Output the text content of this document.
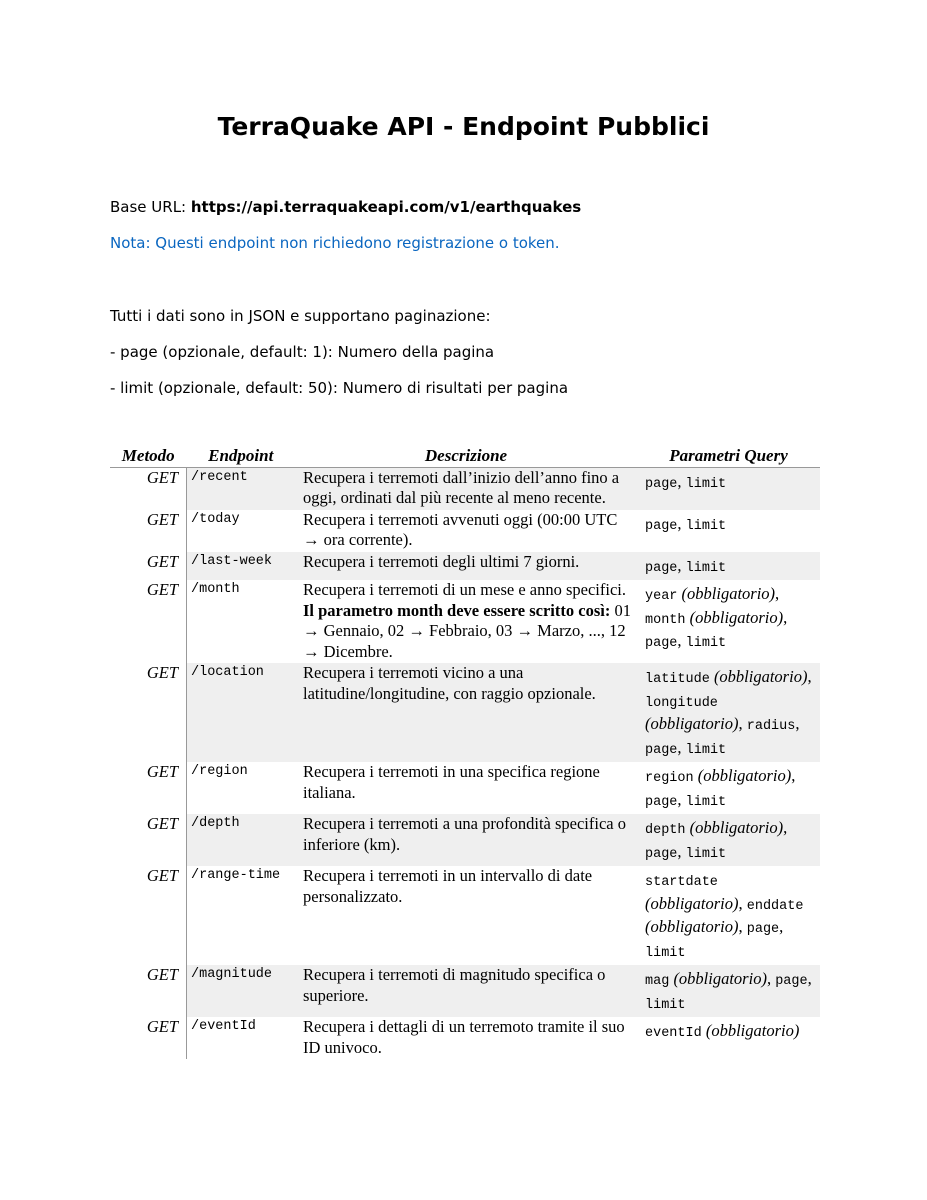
TerraQuake API - Endpoint Pubblici
Base URL: https://api.terraquakeapi.com/v1/earthquakes
Nota: Questi endpoint non richiedono registrazione o token.
Tutti i dati sono in JSON e supportano paginazione:
- page (opzionale, default: 1): Numero della pagina
- limit (opzionale, default: 50): Numero di risultati per pagina
Metodo	Endpoint	Descrizione	Parametri Query
GET	/recent	Recupera i terremoti dall’inizio dell’anno fino a oggi, ordinati dal più recente al meno recente.	page, limit
GET	/today	Recupera i terremoti avvenuti oggi (00:00 UTC → ora corrente).	page, limit
GET	/last-week	Recupera i terremoti degli ultimi 7 giorni.	page, limit
GET	/month	Recupera i terremoti di un mese e anno specifici. Il parametro month deve essere scritto così: 01 → Gennaio, 02 → Febbraio, 03 → Marzo, ..., 12 → Dicembre.	year (obbligatorio), month (obbligatorio), page, limit
GET	/location	Recupera i terremoti vicino a una latitudine/longitudine, con raggio opzionale.	latitude (obbligatorio), longitude (obbligatorio), radius, page, limit
GET	/region	Recupera i terremoti in una specifica regione italiana.	region (obbligatorio), page, limit
GET	/depth	Recupera i terremoti a una profondità specifica o inferiore (km).	depth (obbligatorio), page, limit
GET	/range-time	Recupera i terremoti in un intervallo di date personalizzato.	startdate (obbligatorio), enddate (obbligatorio), page, limit
GET	/magnitude	Recupera i terremoti di magnitudo specifica o superiore.	mag (obbligatorio), page, limit
GET	/eventId	Recupera i dettagli di un terremoto tramite il suo ID univoco.	eventId (obbligatorio)
